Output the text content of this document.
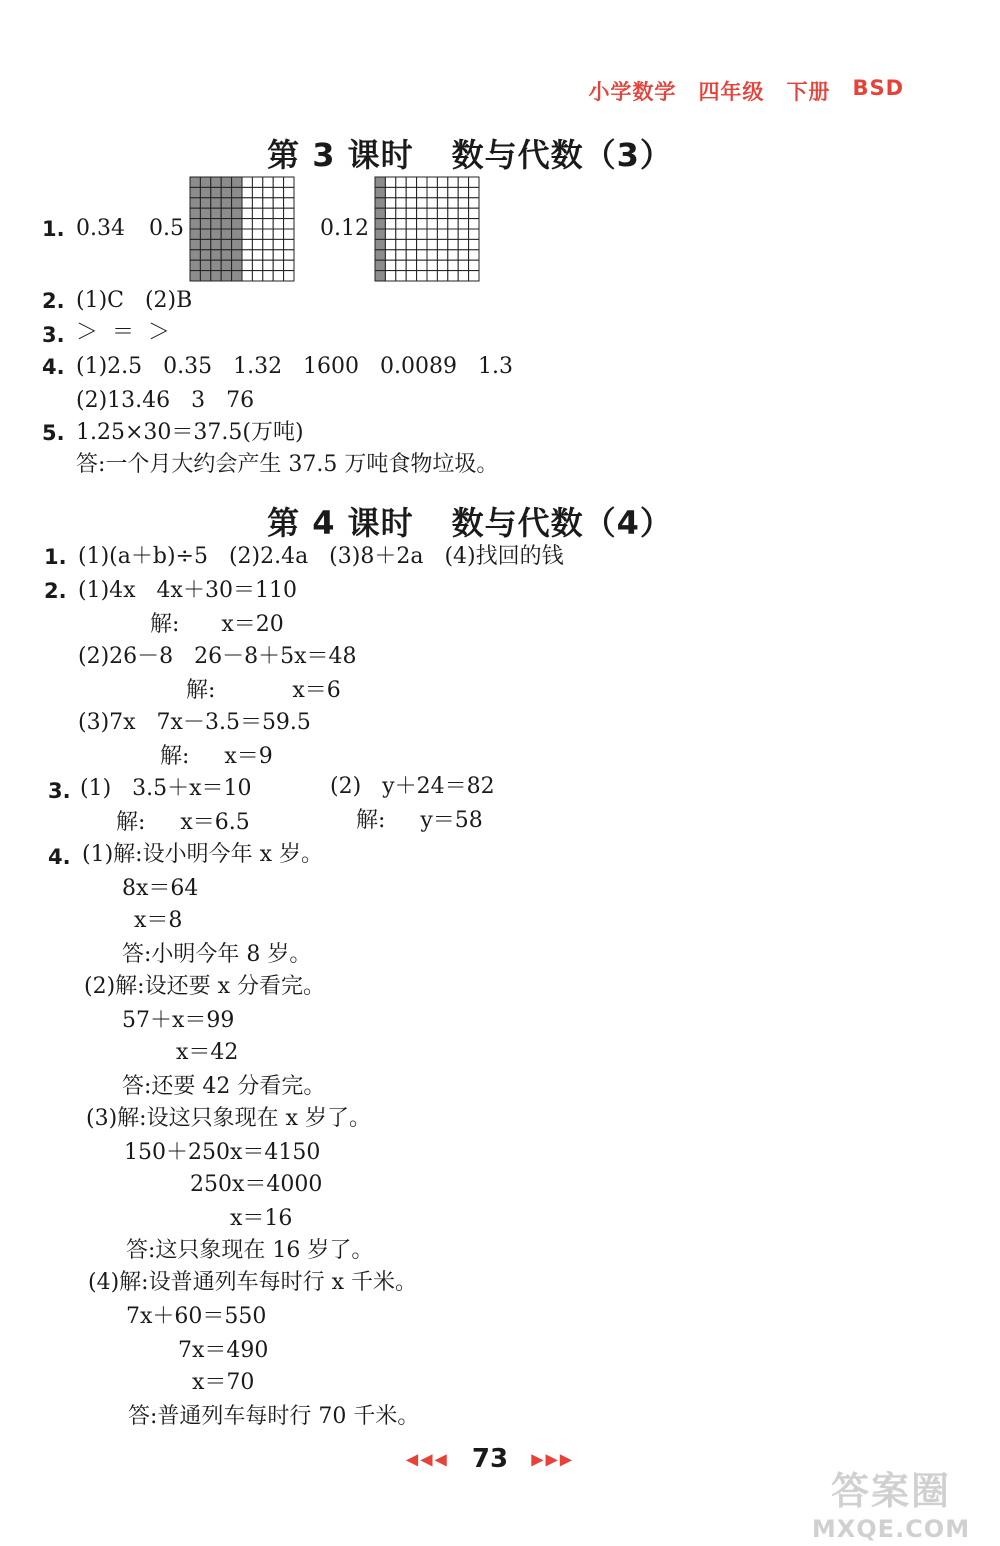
小学数学 四年级 下册 BSD
第 3 课时 数与代数（3）
1. 0.34 0.5	0.12
2. (1)C   (2)B
3. ＞  ＝  ＞
4. (1)2.5   0.35   1.32   1600   0.0089   1.3
(2)13.46   3   76
5. 1.25×30＝37.5(万吨)
答:一个月大约会产生 37.5 万吨食物垃圾。
第 4 课时 数与代数（4）
1. (1)(a＋b)÷5   (2)2.4a   (3)8＋2a   (4)找回的钱
2. (1)4x   4x＋30＝110
解:      x＝20
(2)26－8   26－8＋5x＝48
解:           x＝6
(3)7x   7x－3.5＝59.5
解:     x＝9
3. (1)   3.5＋x＝10	(2)   y＋24＝82
解:     x＝6.5	解:     y＝58
4. (1)解:设小明今年 x 岁。
8x＝64
x＝8
答:小明今年 8 岁。
(2)解:设还要 x 分看完。
57＋x＝99
x＝42
答:还要 42 分看完。
(3)解:设这只象现在 x 岁了。
150＋250x＝4150
250x＝4000
x＝16
答:这只象现在 16 岁了。
(4)解:设普通列车每时行 x 千米。
7x＋60＝550
7x＝490
x＝70
答:普通列车每时行 70 千米。
◀◀◀ 73 ▶▶▶
答案圈
MXQE.COM
